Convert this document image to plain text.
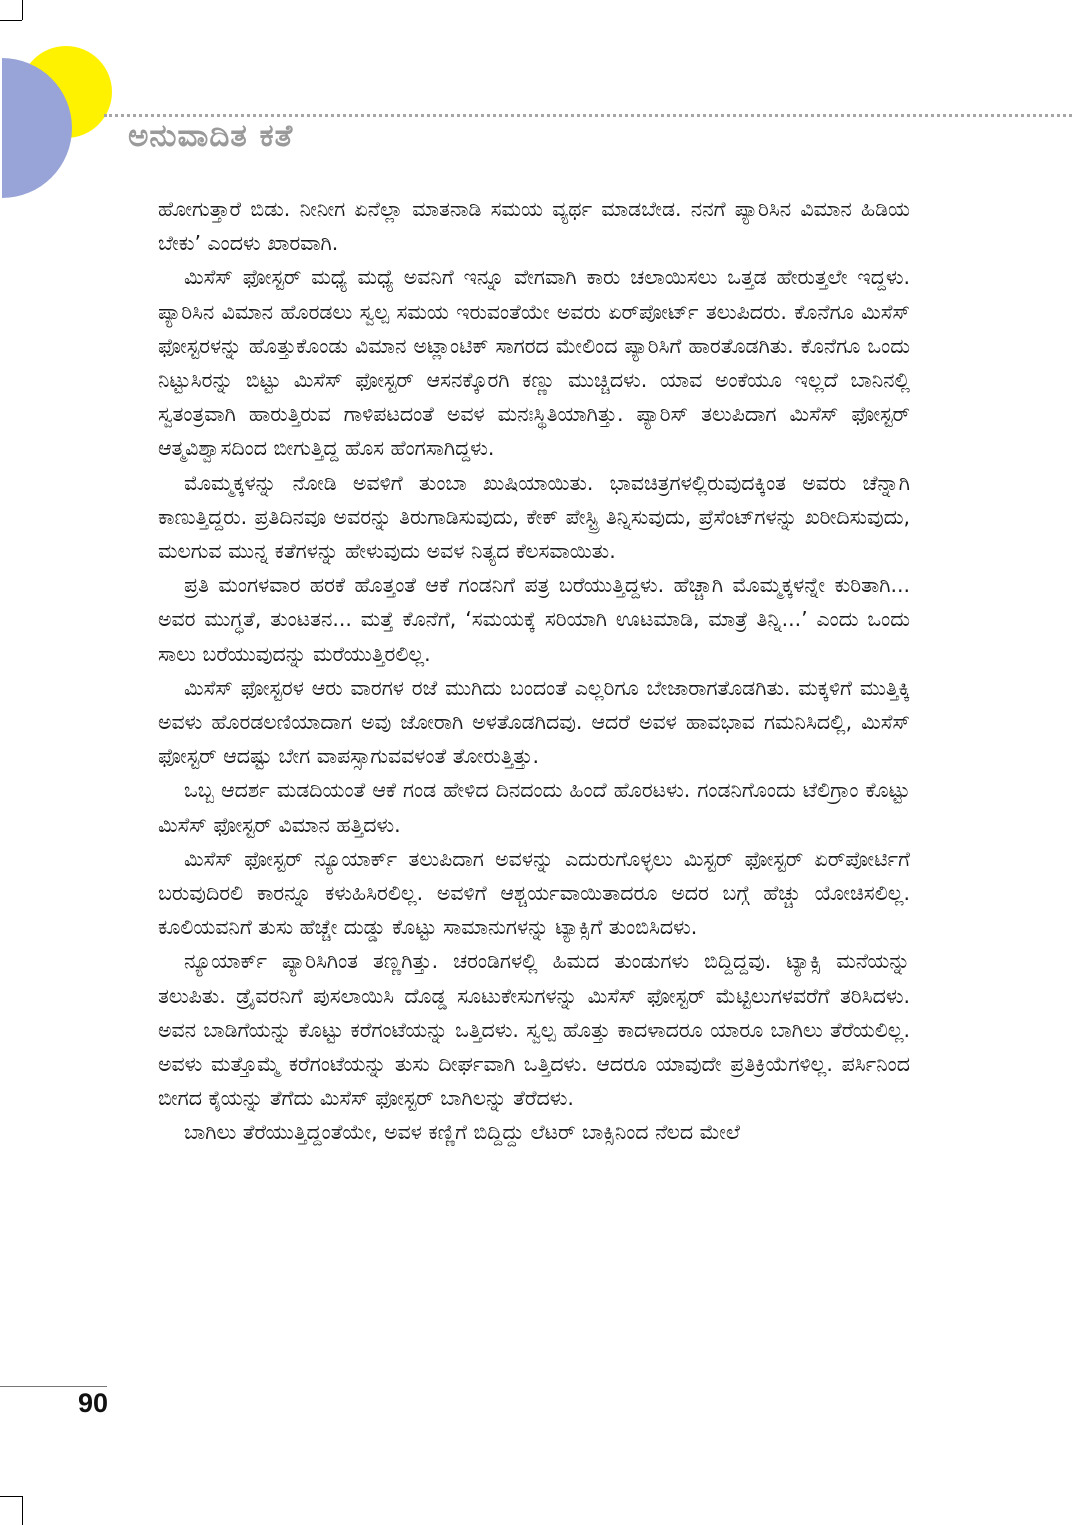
ಅನುವಾದಿತ ಕತೆ

ಹೋಗುತ್ತಾರೆ ಬಿಡು. ನೀನೀಗ ಏನೆಲ್ಲಾ ಮಾತನಾಡಿ ಸಮಯ ವ್ಯರ್ಥ ಮಾಡಬೇಡ. ನನಗೆ ಪ್ಯಾರಿಸಿನ ವಿಮಾನ ಹಿಡಿಯ ಬೇಕು’ ಎಂದಳು ಖಾರವಾಗಿ.

ಮಿಸೆಸ್ ಫೋಸ್ಟರ್ ಮಧ್ಯೆ ಮಧ್ಯೆ ಅವನಿಗೆ ಇನ್ನೂ ವೇಗವಾಗಿ ಕಾರು ಚಲಾಯಿಸಲು ಒತ್ತಡ ಹೇರುತ್ತಲೇ ಇದ್ದಳು. ಪ್ಯಾರಿಸಿನ ವಿಮಾನ ಹೊರಡಲು ಸ್ವಲ್ಪ ಸಮಯ ಇರುವಂತೆಯೇ ಅವರು ಏರ್‌ಪೋರ್ಟ್ ತಲುಪಿದರು. ಕೊನೆಗೂ ಮಿಸೆಸ್ ಫೋಸ್ಟರಳನ್ನು ಹೊತ್ತುಕೊಂಡು ವಿಮಾನ ಅಟ್ಲಾಂಟಿಕ್ ಸಾಗರದ ಮೇಲಿಂದ ಪ್ಯಾರಿಸಿಗೆ ಹಾರತೊಡಗಿತು. ಕೊನೆಗೂ ಒಂದು ನಿಟ್ಟುಸಿರನ್ನು ಬಿಟ್ಟು ಮಿಸೆಸ್ ಫೋಸ್ಟರ್ ಆಸನಕ್ಕೊರಗಿ ಕಣ್ಣು ಮುಚ್ಚಿದಳು. ಯಾವ ಅಂಕೆಯೂ ಇಲ್ಲದೆ ಬಾನಿನಲ್ಲಿ ಸ್ವತಂತ್ರವಾಗಿ ಹಾರುತ್ತಿರುವ ಗಾಳಿಪಟದಂತೆ ಅವಳ ಮನಃಸ್ಥಿತಿಯಾಗಿತ್ತು. ಪ್ಯಾರಿಸ್ ತಲುಪಿದಾಗ ಮಿಸೆಸ್ ಫೋಸ್ಟರ್ ಆತ್ಮವಿಶ್ವಾಸದಿಂದ ಬೀಗುತ್ತಿದ್ದ ಹೊಸ ಹೆಂಗಸಾಗಿದ್ದಳು.

ಮೊಮ್ಮಕ್ಕಳನ್ನು ನೋಡಿ ಅವಳಿಗೆ ತುಂಬಾ ಖುಷಿಯಾಯಿತು. ಭಾವಚಿತ್ರಗಳಲ್ಲಿರುವುದಕ್ಕಿಂತ ಅವರು ಚೆನ್ನಾಗಿ ಕಾಣುತ್ತಿದ್ದರು. ಪ್ರತಿದಿನವೂ ಅವರನ್ನು ತಿರುಗಾಡಿಸುವುದು, ಕೇಕ್ ಪೇಸ್ಟ್ರಿ ತಿನ್ನಿಸುವುದು, ಪ್ರೆಸೆಂಟ್‌ಗಳನ್ನು ಖರೀದಿಸುವುದು, ಮಲಗುವ ಮುನ್ನ ಕತೆಗಳನ್ನು ಹೇಳುವುದು ಅವಳ ನಿತ್ಯದ ಕೆಲಸವಾಯಿತು.

ಪ್ರತಿ ಮಂಗಳವಾರ ಹರಕೆ ಹೊತ್ತಂತೆ ಆಕೆ ಗಂಡನಿಗೆ ಪತ್ರ ಬರೆಯುತ್ತಿದ್ದಳು. ಹೆಚ್ಚಾಗಿ ಮೊಮ್ಮಕ್ಕಳನ್ನೇ ಕುರಿತಾಗಿ... ಅವರ ಮುಗ್ಧತೆ, ತುಂಟತನ... ಮತ್ತೆ ಕೊನೆಗೆ, ‘ಸಮಯಕ್ಕೆ ಸರಿಯಾಗಿ ಊಟಮಾಡಿ, ಮಾತ್ರೆ ತಿನ್ನಿ...’ ಎಂದು ಒಂದು ಸಾಲು ಬರೆಯುವುದನ್ನು ಮರೆಯುತ್ತಿರಲಿಲ್ಲ.

ಮಿಸೆಸ್ ಫೋಸ್ಟರಳ ಆರು ವಾರಗಳ ರಜೆ ಮುಗಿದು ಬಂದಂತೆ ಎಲ್ಲರಿಗೂ ಬೇಜಾರಾಗತೊಡಗಿತು. ಮಕ್ಕಳಿಗೆ ಮುತ್ತಿಕ್ಕಿ ಅವಳು ಹೊರಡಲಣಿಯಾದಾಗ ಅವು ಜೋರಾಗಿ ಅಳತೊಡಗಿದವು. ಆದರೆ ಅವಳ ಹಾವಭಾವ ಗಮನಿಸಿದಲ್ಲಿ, ಮಿಸೆಸ್ ಫೋಸ್ಟರ್ ಆದಷ್ಟು ಬೇಗ ವಾಪಸ್ಸಾಗುವವಳಂತೆ ತೋರುತ್ತಿತ್ತು.

ಒಬ್ಬ ಆದರ್ಶ ಮಡದಿಯಂತೆ ಆಕೆ ಗಂಡ ಹೇಳಿದ ದಿನದಂದು ಹಿಂದೆ ಹೊರಟಳು. ಗಂಡನಿಗೊಂದು ಟೆಲಿಗ್ರಾಂ ಕೊಟ್ಟು ಮಿಸೆಸ್ ಫೋಸ್ಟರ್ ವಿಮಾನ ಹತ್ತಿದಳು.

ಮಿಸೆಸ್ ಫೋಸ್ಟರ್ ನ್ಯೂಯಾರ್ಕ್ ತಲುಪಿದಾಗ ಅವಳನ್ನು ಎದುರುಗೊಳ್ಳಲು ಮಿಸ್ಟರ್ ಫೋಸ್ಟರ್ ಏರ್‌ಪೋರ್ಟಿಗೆ ಬರುವುದಿರಲಿ ಕಾರನ್ನೂ ಕಳುಹಿಸಿರಲಿಲ್ಲ. ಅವಳಿಗೆ ಆಶ್ಚರ್ಯವಾಯಿತಾದರೂ ಅದರ ಬಗ್ಗೆ ಹೆಚ್ಚು ಯೋಚಿಸಲಿಲ್ಲ. ಕೂಲಿಯವನಿಗೆ ತುಸು ಹೆಚ್ಚೇ ದುಡ್ಡು ಕೊಟ್ಟು ಸಾಮಾನುಗಳನ್ನು ಟ್ಯಾಕ್ಸಿಗೆ ತುಂಬಿಸಿದಳು.

ನ್ಯೂಯಾರ್ಕ್ ಪ್ಯಾರಿಸಿಗಿಂತ ತಣ್ಣಗಿತ್ತು. ಚರಂಡಿಗಳಲ್ಲಿ ಹಿಮದ ತುಂಡುಗಳು ಬಿದ್ದಿದ್ದವು. ಟ್ಯಾಕ್ಸಿ ಮನೆಯನ್ನು ತಲುಪಿತು. ಡ್ರೈವರನಿಗೆ ಪುಸಲಾಯಿಸಿ ದೊಡ್ಡ ಸೂಟುಕೇಸುಗಳನ್ನು ಮಿಸೆಸ್ ಫೋಸ್ಟರ್ ಮೆಟ್ಟಿಲುಗಳವರೆಗೆ ತರಿಸಿದಳು. ಅವನ ಬಾಡಿಗೆಯನ್ನು ಕೊಟ್ಟು ಕರೆಗಂಟೆಯನ್ನು ಒತ್ತಿದಳು. ಸ್ವಲ್ಪ ಹೊತ್ತು ಕಾದಳಾದರೂ ಯಾರೂ ಬಾಗಿಲು ತೆರೆಯಲಿಲ್ಲ. ಅವಳು ಮತ್ತೊಮ್ಮೆ ಕರೆಗಂಟೆಯನ್ನು ತುಸು ದೀರ್ಘವಾಗಿ ಒತ್ತಿದಳು. ಆದರೂ ಯಾವುದೇ ಪ್ರತಿಕ್ರಿಯೆಗಳಿಲ್ಲ. ಪರ್ಸಿನಿಂದ ಬೀಗದ ಕೈಯನ್ನು ತೆಗೆದು ಮಿಸೆಸ್ ಫೋಸ್ಟರ್ ಬಾಗಿಲನ್ನು ತೆರೆದಳು.

ಬಾಗಿಲು ತೆರೆಯುತ್ತಿದ್ದಂತೆಯೇ, ಅವಳ ಕಣ್ಣಿಗೆ ಬಿದ್ದಿದ್ದು ಲೆಟರ್ ಬಾಕ್ಸಿನಿಂದ ನೆಲದ ಮೇಲೆ

90
